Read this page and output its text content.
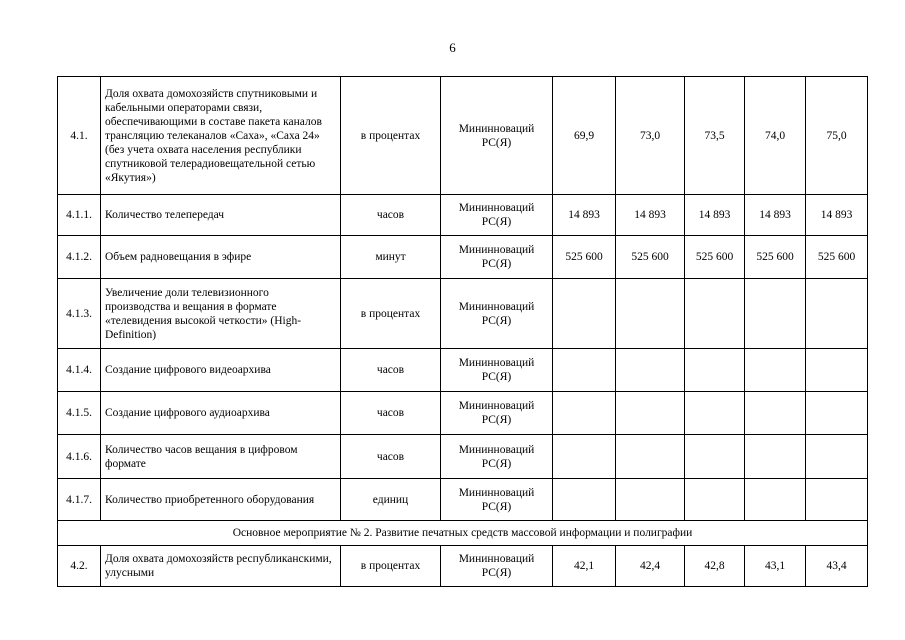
6
4.1.	Доля охвата домохозяйств спутниковыми и кабельными операторами связи, обеспечивающими в составе пакета каналов трансляцию телеканалов «Саха», «Саха 24» (без учета охвата населения республики спутниковой телерадиовещательной сетью «Якутия»)	в процентах	Мининноваций РС(Я)	69,9	73,0	73,5	74,0	75,0
4.1.1.	Количество телепередач	часов	Мининноваций РС(Я)	14 893	14 893	14 893	14 893	14 893
4.1.2.	Объем радновещания в эфире	минут	Мининноваций РС(Я)	525 600	525 600	525 600	525 600	525 600
4.1.3.	Увеличение доли телевизионного производства и вещания в формате «телевидения высокой четкости» (High-Definition)	в процентах	Мининноваций РС(Я)					
4.1.4.	Создание цифрового видеоархива	часов	Мининноваций РС(Я)					
4.1.5.	Создание цифрового аудиоархива	часов	Мининноваций РС(Я)					
4.1.6.	Количество часов вещания в цифровом формате	часов	Мининноваций РС(Я)					
4.1.7.	Количество приобретенного оборудования	единиц	Мининноваций РС(Я)					
Основное мероприятие № 2. Развитие печатных средств массовой информации и полиграфии								
4.2.	Доля охвата домохозяйств республиканскими, улусными	в процентах	Мининноваций РС(Я)	42,1	42,4	42,8	43,1	43,4
